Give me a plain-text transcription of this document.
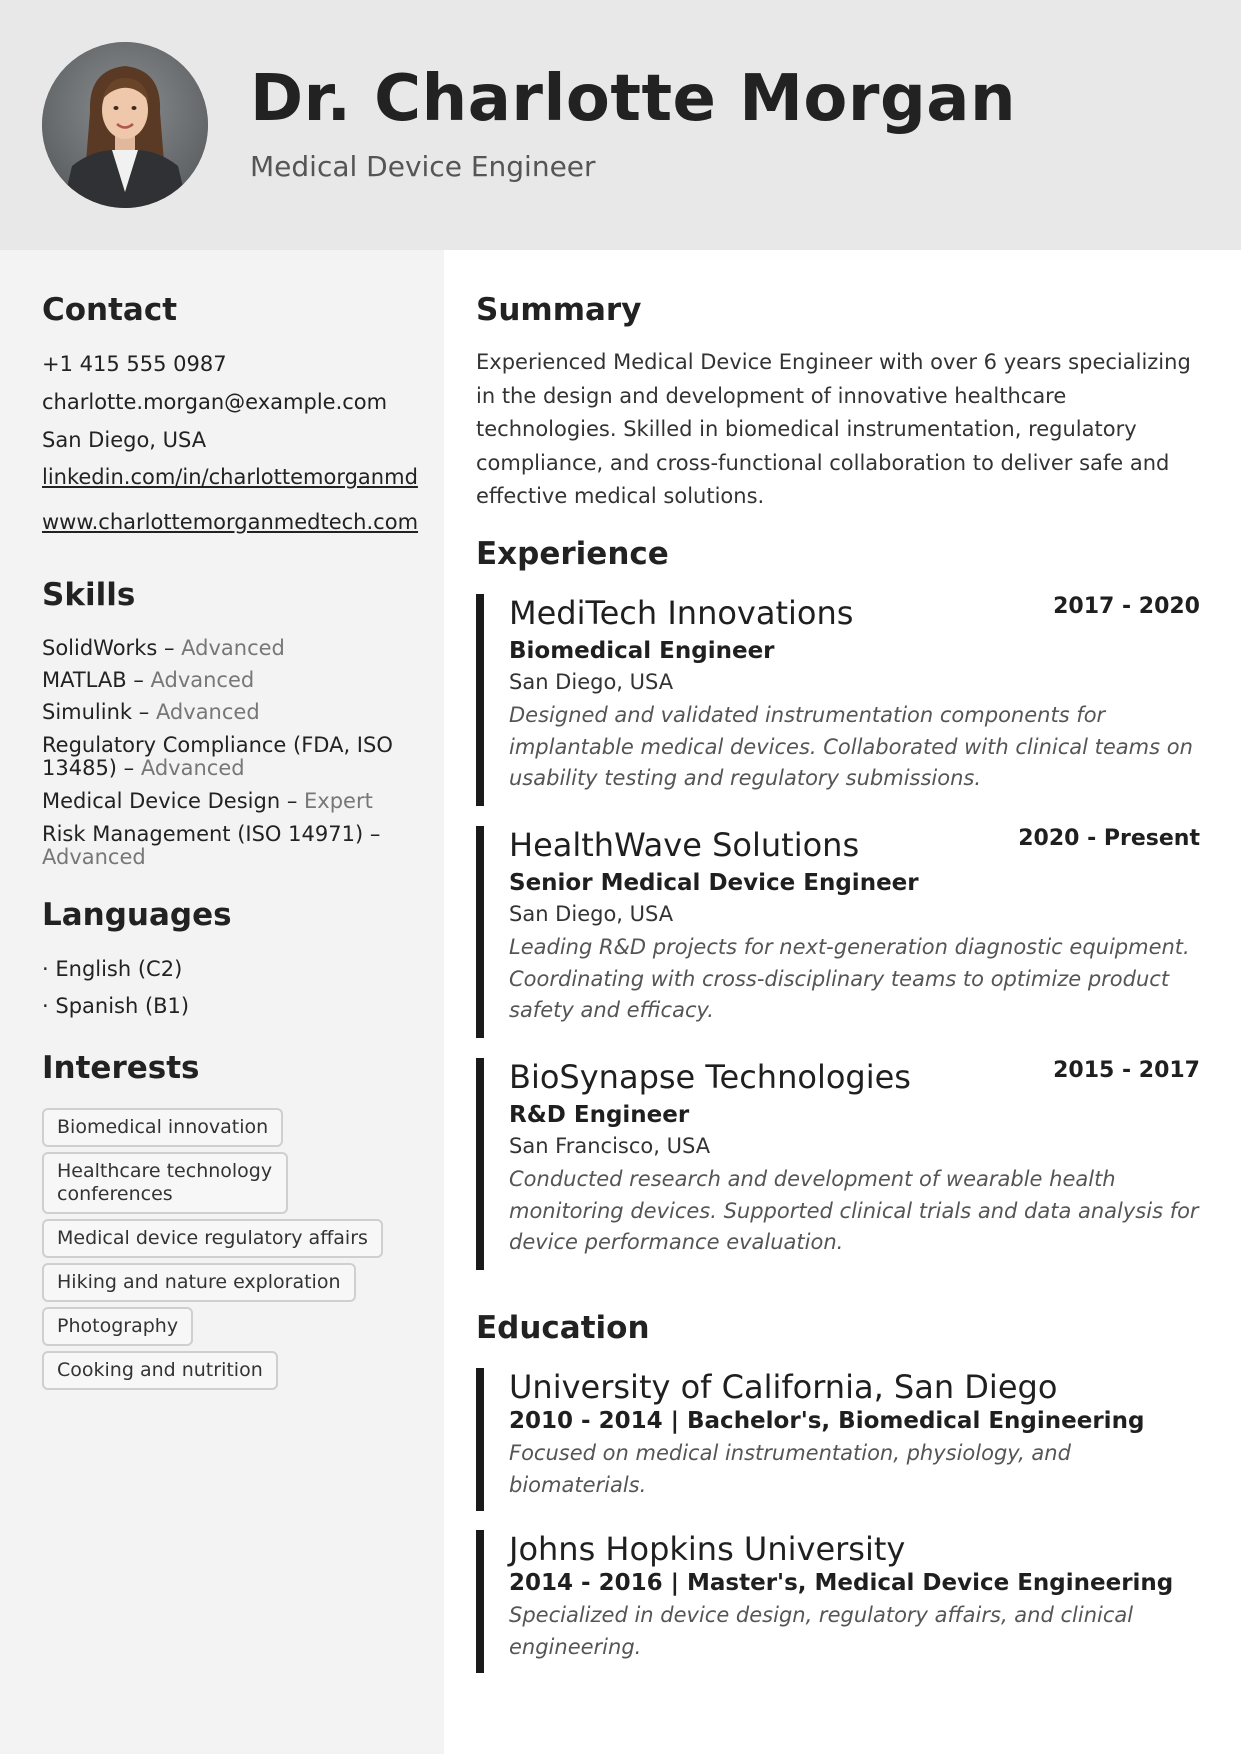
Dr. Charlotte Morgan
Medical Device Engineer
Contact
+1 415 555 0987
charlotte.morgan@example.com
San Diego, USA
linkedin.com/in/charlottemorganmd
www.charlottemorganmedtech.com
Skills
SolidWorks – Advanced
MATLAB – Advanced
Simulink – Advanced
Regulatory Compliance (FDA, ISO 13485) – Advanced
Medical Device Design – Expert
Risk Management (ISO 14971) – Advanced
Languages
· English (C2)
· Spanish (B1)
Interests
Biomedical innovation
Healthcare technology conferences
Medical device regulatory affairs
Hiking and nature exploration
Photography
Cooking and nutrition
Summary
Experienced Medical Device Engineer with over 6 years specializing in the design and development of innovative healthcare technologies. Skilled in biomedical instrumentation, regulatory compliance, and cross-functional collaboration to deliver safe and effective medical solutions.
Experience
MediTech Innovations	2017 - 2020
Biomedical Engineer
San Diego, USA
Designed and validated instrumentation components for implantable medical devices. Collaborated with clinical teams on usability testing and regulatory submissions.
HealthWave Solutions	2020 - Present
Senior Medical Device Engineer
San Diego, USA
Leading R&D projects for next-generation diagnostic equipment. Coordinating with cross-disciplinary teams to optimize product safety and efficacy.
BioSynapse Technologies	2015 - 2017
R&D Engineer
San Francisco, USA
Conducted research and development of wearable health monitoring devices. Supported clinical trials and data analysis for device performance evaluation.
Education
University of California, San Diego
2010 - 2014 | Bachelor's, Biomedical Engineering
Focused on medical instrumentation, physiology, and biomaterials.
Johns Hopkins University
2014 - 2016 | Master's, Medical Device Engineering
Specialized in device design, regulatory affairs, and clinical engineering.
